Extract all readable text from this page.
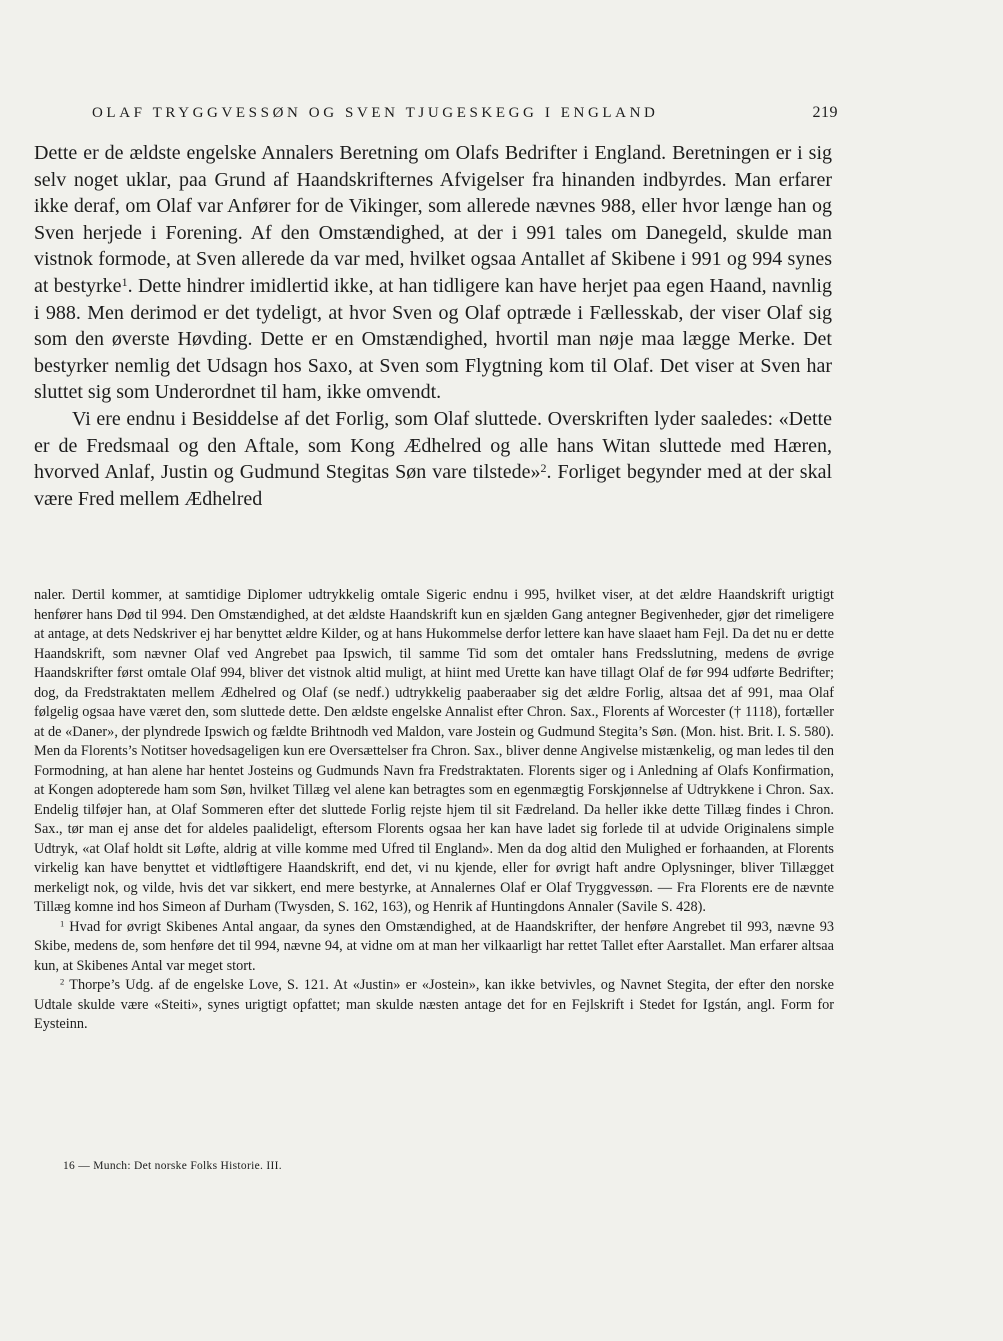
OLAF TRYGGVESSØN OG SVEN TJUGESKEGG I ENGLAND	219

Dette er de ældste engelske Annalers Beretning om Olafs Bedrifter i England. Beretningen er i sig selv noget uklar, paa Grund af Haandskrifternes Afvigelser fra hinanden indbyrdes. Man erfarer ikke deraf, om Olaf var Anfører for de Vikinger, som allerede nævnes 988, eller hvor længe han og Sven herjede i Forening. Af den Omstændighed, at der i 991 tales om Danegeld, skulde man vistnok formode, at Sven allerede da var med, hvilket ogsaa Antallet af Skibene i 991 og 994 synes at bestyrke$^1$. Dette hindrer imidlertid ikke, at han tidligere kan have herjet paa egen Haand, navnlig i 988. Men derimod er det tydeligt, at hvor Sven og Olaf optræde i Fællesskab, der viser Olaf sig som den øverste Høvding. Dette er en Omstændighed, hvortil man nøje maa lægge Merke. Det bestyrker nemlig det Udsagn hos Saxo, at Sven som Flygtning kom til Olaf. Det viser at Sven har sluttet sig som Underordnet til ham, ikke omvendt.

Vi ere endnu i Besiddelse af det Forlig, som Olaf sluttede. Overskriften lyder saaledes: «Dette er de Fredsmaal og den Aftale, som Kong Ædhelred og alle hans Witan sluttede med Hæren, hvorved Anlaf, Justin og Gudmund Stegitas Søn vare tilstede»$^2$. Forliget begynder med at der skal være Fred mellem Ædhelred

naler. Dertil kommer, at samtidige Diplomer udtrykkelig omtale Sigeric endnu i 995, hvilket viser, at det ældre Haandskrift urigtigt henfører hans Død til 994. Den Omstændighed, at det ældste Haandskrift kun en sjælden Gang antegner Begivenheder, gjør det rimeligere at antage, at dets Nedskriver ej har benyttet ældre Kilder, og at hans Hukommelse derfor lettere kan have slaaet ham Fejl. Da det nu er dette Haandskrift, som nævner Olaf ved Angrebet paa Ipswich, til samme Tid som det omtaler hans Fredsslutning, medens de øvrige Haandskrifter først omtale Olaf 994, bliver det vistnok altid muligt, at hiint med Urette kan have tillagt Olaf de før 994 udførte Bedrifter; dog, da Fredstraktaten mellem Ædhelred og Olaf (se nedf.) udtrykkelig paaberaaber sig det ældre Forlig, altsaa det af 991, maa Olaf følgelig ogsaa have været den, som sluttede dette. Den ældste engelske Annalist efter Chron. Sax., Florents af Worcester († 1118), fortæller at de «Daner», der plyndrede Ipswich og fældte Brihtnodh ved Maldon, vare Jostein og Gudmund Stegita’s Søn. (Mon. hist. Brit. I. S. 580). Men da Florents’s Notitser hovedsageligen kun ere Oversættelser fra Chron. Sax., bliver denne Angivelse mistænkelig, og man ledes til den Formodning, at han alene har hentet Josteins og Gudmunds Navn fra Fredstraktaten. Florents siger og i Anledning af Olafs Konfirmation, at Kongen adopterede ham som Søn, hvilket Tillæg vel alene kan betragtes som en egenmægtig Forskjønnelse af Udtrykkene i Chron. Sax. Endelig tilføjer han, at Olaf Sommeren efter det sluttede Forlig rejste hjem til sit Fædreland. Da heller ikke dette Tillæg findes i Chron. Sax., tør man ej anse det for aldeles paalideligt, eftersom Florents ogsaa her kan have ladet sig forlede til at udvide Originalens simple Udtryk, «at Olaf holdt sit Løfte, aldrig at ville komme med Ufred til England». Men da dog altid den Mulighed er forhaanden, at Florents virkelig kan have benyttet et vidtløftigere Haandskrift, end det, vi nu kjende, eller for øvrigt haft andre Oplysninger, bliver Tillægget merkeligt nok, og vilde, hvis det var sikkert, end mere bestyrke, at Annalernes Olaf er Olaf Tryggvessøn. — Fra Florents ere de nævnte Tillæg komne ind hos Simeon af Durham (Twysden, S. 162, 163), og Henrik af Huntingdons Annaler (Savile S. 428).

$^1$ Hvad for øvrigt Skibenes Antal angaar, da synes den Omstændighed, at de Haandskrifter, der henføre Angrebet til 993, nævne 93 Skibe, medens de, som henføre det til 994, nævne 94, at vidne om at man her vilkaarligt har rettet Tallet efter Aarstallet. Man erfarer altsaa kun, at Skibenes Antal var meget stort.

$^2$ Thorpe’s Udg. af de engelske Love, S. 121. At «Justin» er «Jostein», kan ikke betvivles, og Navnet Stegita, der efter den norske Udtale skulde være «Steiti», synes urigtigt opfattet; man skulde næsten antage det for en Fejlskrift i Stedet for Igstán, angl. Form for Eysteinn.

16 — Munch: Det norske Folks Historie. III.
